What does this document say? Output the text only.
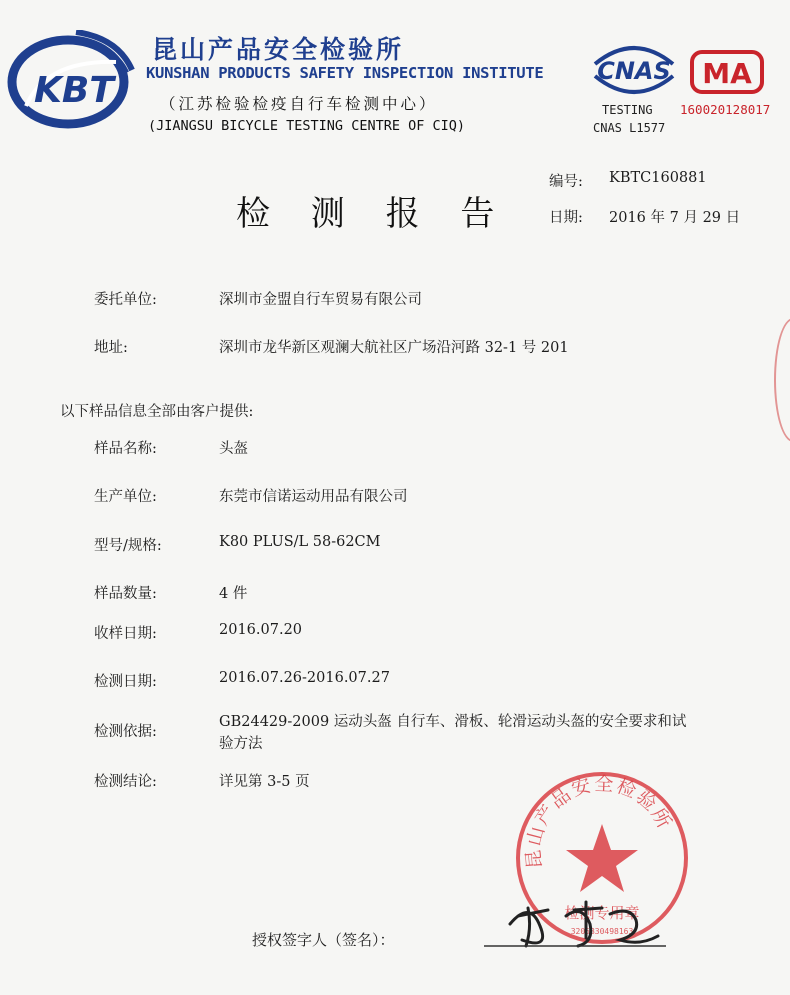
KBT
昆山产品安全检验所
KUNSHAN PRODUCTS SAFETY INSPECTION INSTITUTE
（江苏检验检疫自行车检测中心）
(JIANGSU BICYCLE TESTING CENTRE OF CIQ)
CNAS
TESTING
CNAS L1577
MA
160020128017
检 测 报 告
编号: KBTC160881
日期: 2016 年 7 月 29 日
委托单位:	深圳市金盟自行车贸易有限公司
地址:	深圳市龙华新区观澜大航社区广场沿河路 32-1 号 201
以下样品信息全部由客户提供:
样品名称:	头盔
生产单位:	东莞市信诺运动用品有限公司
型号/规格:	K80 PLUS/L 58-62CM
样品数量:	4 件
收样日期:	2016.07.20
检测日期:	2016.07.26-2016.07.27
检测依据:
GB24429-2009 运动头盔 自行车、滑板、轮滑运动头盔的安全要求和试
验方法
检测结论:	详见第 3-5 页
昆山产品安全检验所
检测专用章
3205830498163
授权签字人（签名）：
